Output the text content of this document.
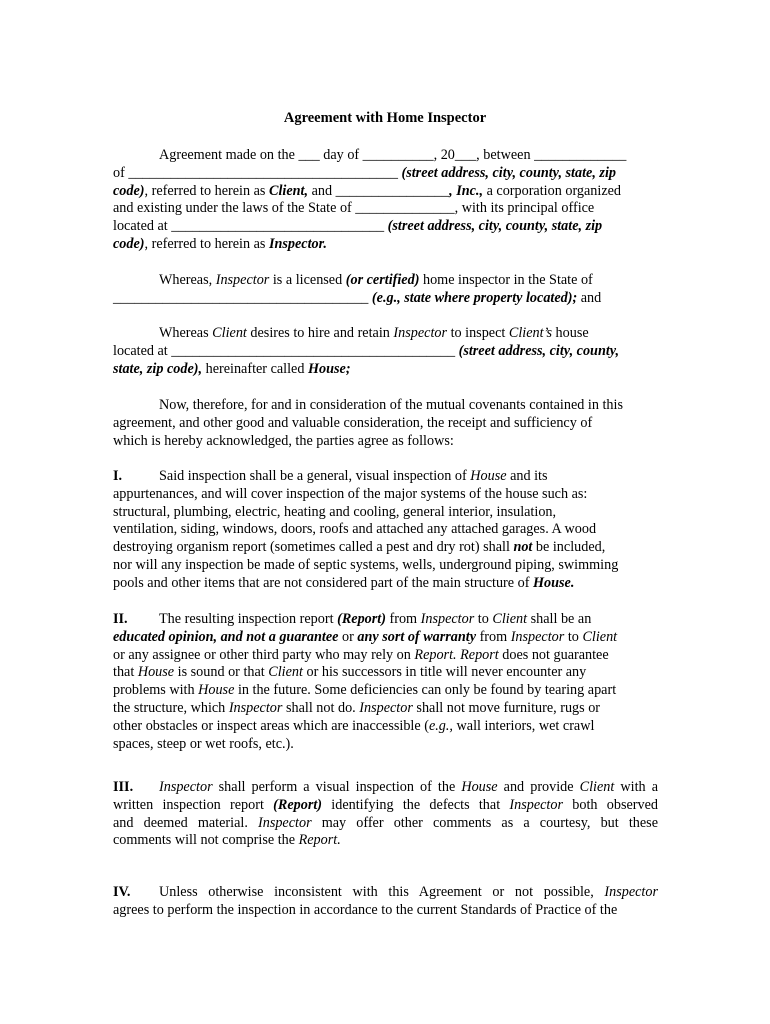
Agreement with Home Inspector
Agreement made on the ___ day of __________, 20___, between _____________
of ______________________________________ (street address, city, county, state, zip
code), referred to herein as Client, and ________________, Inc., a corporation organized
and existing under the laws of the State of ______________, with its principal office
located at ______________________________ (street address, city, county, state, zip
code), referred to herein as Inspector.
Whereas, Inspector is a licensed (or certified) home inspector in the State of
____________________________________ (e.g., state where property located); and
Whereas Client desires to hire and retain Inspector to inspect Client’s house
located at ________________________________________ (street address, city, county,
state, zip code), hereinafter called House;
Now, therefore, for and in consideration of the mutual covenants contained in this
agreement, and other good and valuable consideration, the receipt and sufficiency of
which is hereby acknowledged, the parties agree as follows:
I.	Said inspection shall be a general, visual inspection of House and its
appurtenances, and will cover inspection of the major systems of the house such as:
structural, plumbing, electric, heating and cooling, general interior, insulation,
ventilation, siding, windows, doors, roofs and attached any attached garages. A wood
destroying organism report (sometimes called a pest and dry rot) shall not be included,
nor will any inspection be made of septic systems, wells, underground piping, swimming
pools and other items that are not considered part of the main structure of House.
II. The resulting inspection report (Report) from Inspector to Client shall be an
educated opinion, and not a guarantee or any sort of warranty from Inspector to Client
or any assignee or other third party who may rely on Report. Report does not guarantee
that House is sound or that Client or his successors in title will never encounter any
problems with House in the future. Some deficiencies can only be found by tearing apart
the structure, which Inspector shall not do. Inspector shall not move furniture, rugs or
other obstacles or inspect areas which are inaccessible (e.g., wall interiors, wet crawl
spaces, steep or wet roofs, etc.).
III. Inspector shall perform a visual inspection of the House and provide Client with a
written inspection report (Report) identifying the defects that Inspector both observed
and deemed material. Inspector may offer other comments as a courtesy, but these
comments will not comprise the Report.
IV. Unless otherwise inconsistent with this Agreement or not possible, Inspector
agrees to perform the inspection in accordance to the current Standards of Practice of the
